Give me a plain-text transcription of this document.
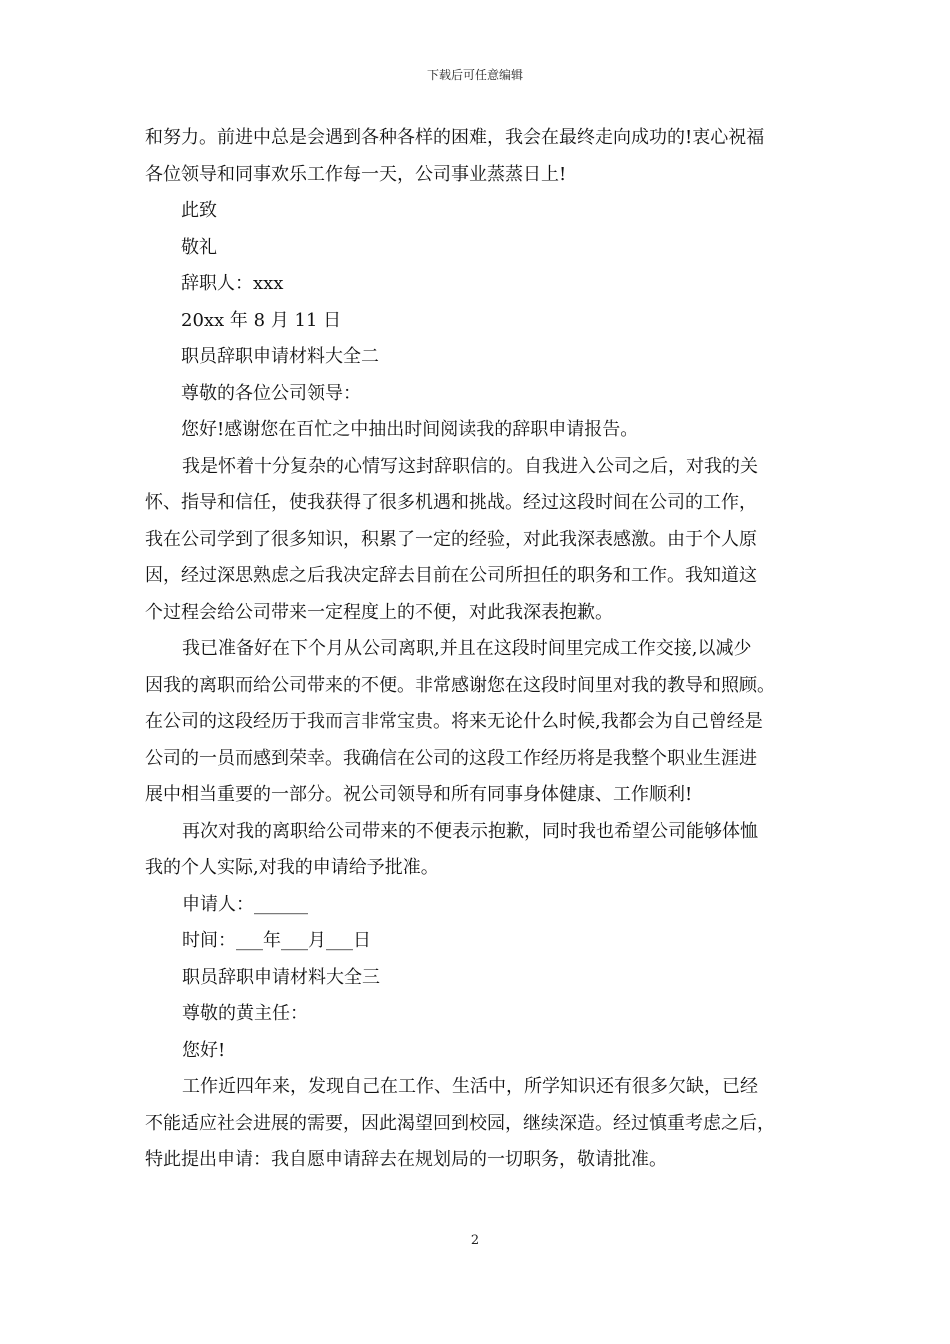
下载后可任意编辑
和努力。前进中总是会遇到各种各样的困难，我会在最终走向成功的!衷心祝福
各位领导和同事欢乐工作每一天，公司事业蒸蒸日上!
此致
敬礼
辞职人：xxx
20xx 年 8 月 11 日
职员辞职申请材料大全二
尊敬的各位公司领导：
您好!感谢您在百忙之中抽出时间阅读我的辞职申请报告。
我是怀着十分复杂的心情写这封辞职信的。自我进入公司之后，对我的关
怀、指导和信任，使我获得了很多机遇和挑战。经过这段时间在公司的工作，
我在公司学到了很多知识，积累了一定的经验，对此我深表感激。由于个人原
因，经过深思熟虑之后我决定辞去目前在公司所担任的职务和工作。我知道这
个过程会给公司带来一定程度上的不便，对此我深表抱歉。
我已准备好在下个月从公司离职,并且在这段时间里完成工作交接,以减少
因我的离职而给公司带来的不便。非常感谢您在这段时间里对我的教导和照顾。
在公司的这段经历于我而言非常宝贵。将来无论什么时候,我都会为自己曾经是
公司的一员而感到荣幸。我确信在公司的这段工作经历将是我整个职业生涯进
展中相当重要的一部分。祝公司领导和所有同事身体健康、工作顺利!
再次对我的离职给公司带来的不便表示抱歉，同时我也希望公司能够体恤
我的个人实际,对我的申请给予批准。
申请人：______
时间：___年___月___日
职员辞职申请材料大全三
尊敬的黄主任：
您好!
工作近四年来，发现自己在工作、生活中，所学知识还有很多欠缺，已经
不能适应社会进展的需要，因此渴望回到校园，继续深造。经过慎重考虑之后，
特此提出申请：我自愿申请辞去在规划局的一切职务，敬请批准。
2
